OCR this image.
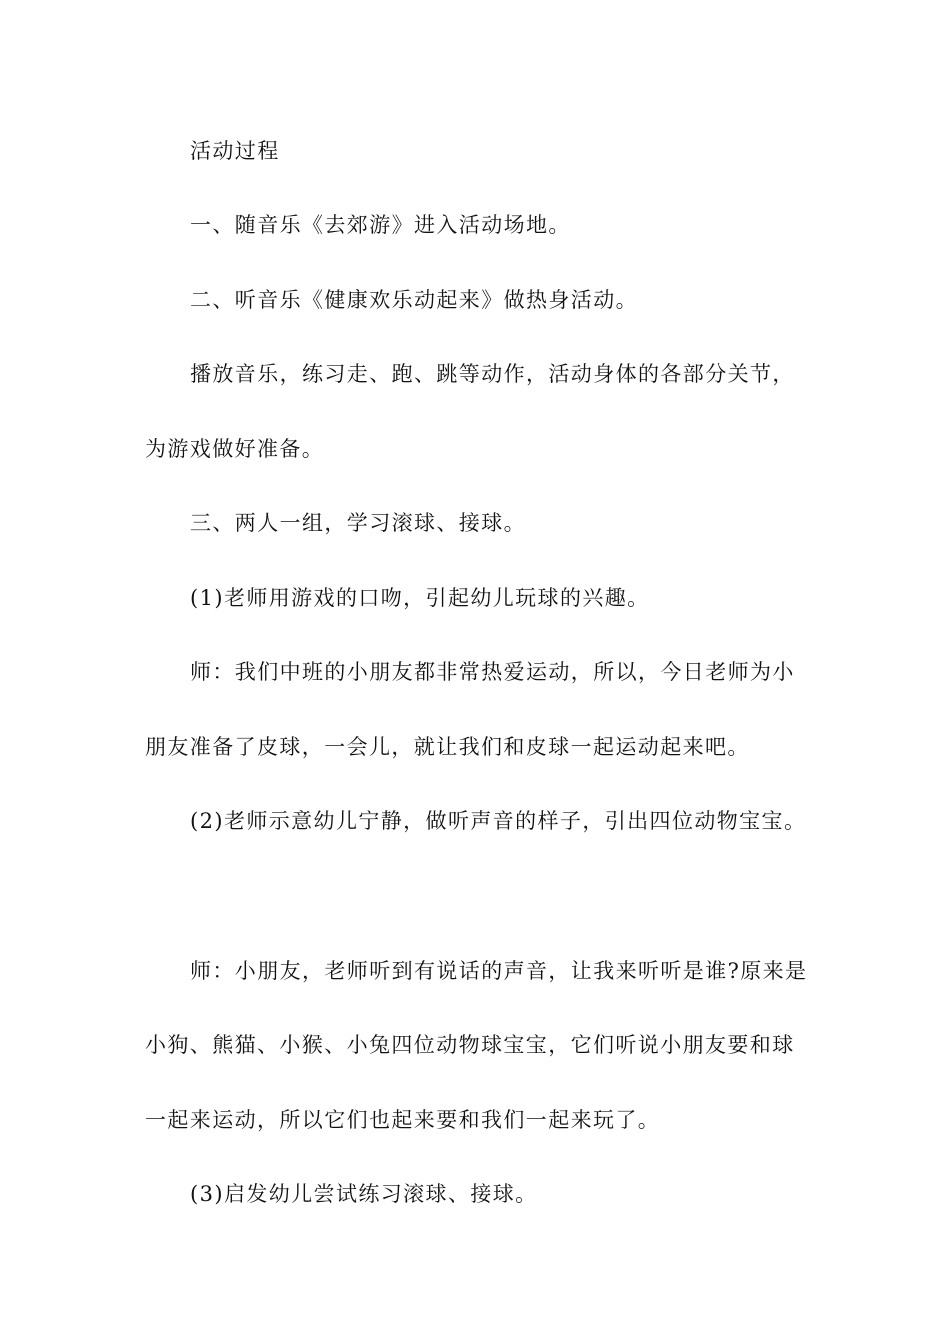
活动过程
一、随音乐《去郊游》进入活动场地。
二、听音乐《健康欢乐动起来》做热身活动。
播放音乐，练习走、跑、跳等动作，活动身体的各部分关节，
为游戏做好准备。
三、两人一组，学习滚球、接球。
(1)老师用游戏的口吻，引起幼儿玩球的兴趣。
师：我们中班的小朋友都非常热爱运动，所以，今日老师为小
朋友准备了皮球，一会儿，就让我们和皮球一起运动起来吧。
(2)老师示意幼儿宁静，做听声音的样子，引出四位动物宝宝。
师：小朋友，老师听到有说话的声音，让我来听听是谁?原来是
小狗、熊猫、小猴、小兔四位动物球宝宝，它们听说小朋友要和球
一起来运动，所以它们也起来要和我们一起来玩了。
(3)启发幼儿尝试练习滚球、接球。
